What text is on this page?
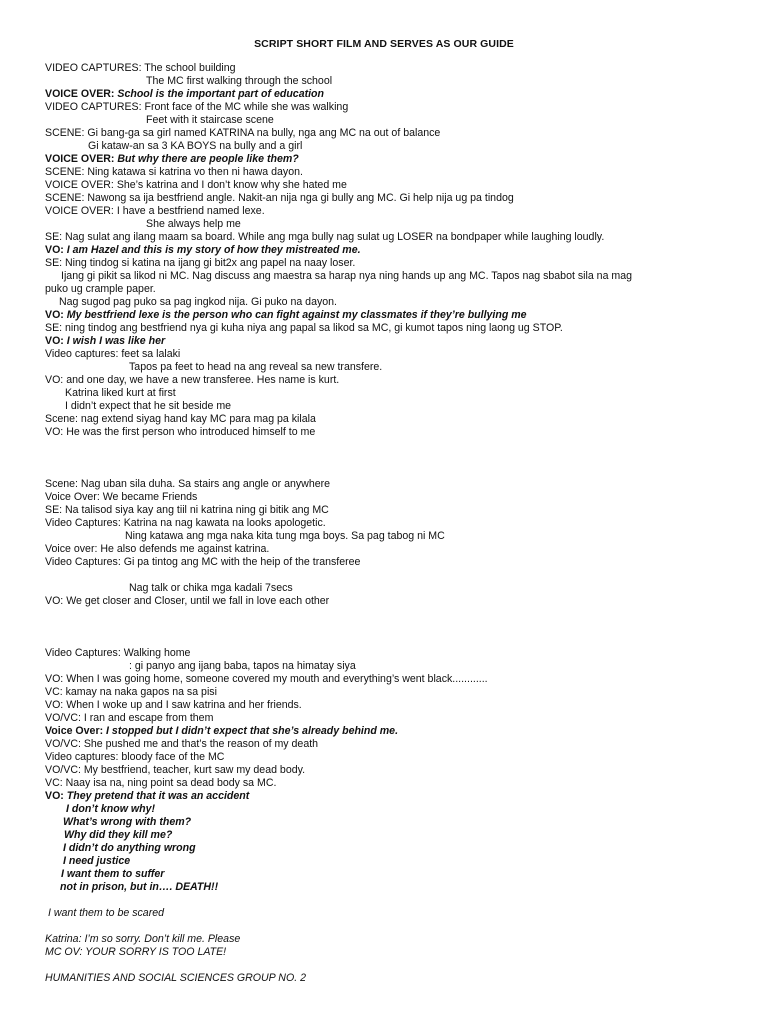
SCRIPT SHORT FILM AND SERVES AS OUR GUIDE
VIDEO CAPTURES: The school building
The MC first walking through the school
VOICE OVER: School is the important part of education
VIDEO CAPTURES: Front face of the MC while she was walking
Feet with it staircase scene
SCENE: Gi bang-ga sa girl named KATRINA na bully, nga ang MC na out of balance
Gi kataw-an sa 3 KA BOYS na bully and a girl
VOICE OVER: But why there are people like them?
SCENE: Ning katawa si katrina vo then ni hawa dayon.
VOICE OVER: She’s katrina and I don’t know why she hated me
SCENE: Nawong sa ija bestfriend angle. Nakit-an nija nga gi bully ang MC. Gi help nija ug pa tindog
VOICE OVER: I have a bestfriend named lexe.
She always help me
SE: Nag sulat ang ilang maam sa board. While ang mga bully nag sulat ug LOSER na bondpaper while laughing loudly.
VO: I am Hazel and this is my story of how they mistreated me.
SE: Ning tindog si katina na ijang gi bit2x ang papel na naay loser.
Ijang gi pikit sa likod ni MC. Nag discuss ang maestra sa harap nya ning hands up ang MC. Tapos nag sbabot sila na mag
puko ug crample paper.
Nag sugod pag puko sa pag ingkod nija. Gi puko na dayon.
VO: My bestfriend lexe is the person who can fight against my classmates if they’re bullying me
SE: ning tindog ang bestfriend nya gi kuha niya ang papal sa likod sa MC, gi kumot tapos ning laong ug STOP.
VO: I wish I was like her
Video captures: feet sa lalaki
Tapos pa feet to head na ang reveal sa new transfere.
VO: and one day, we have a new transferee. Hes name is kurt.
Katrina liked kurt at first
I didn’t expect that he sit beside me
Scene: nag extend siyag hand kay MC para mag pa kilala
VO: He was the first person who introduced himself to me
Scene: Nag uban sila duha. Sa stairs ang angle or anywhere
Voice Over: We became Friends
SE: Na talisod siya kay ang tiil ni katrina ning gi bitik ang MC
Video Captures: Katrina na nag kawata na looks apologetic.
Ning katawa ang mga naka kita tung mga boys. Sa pag tabog ni MC
Voice over: He also defends me against katrina.
Video Captures: Gi pa tintog ang MC with the heip of the transferee
Nag talk or chika mga kadali 7secs
VO: We get closer and Closer, until we fall in love each other
Video Captures: Walking home
: gi panyo ang ijang baba, tapos na himatay siya
VO: When I was going home, someone covered my mouth and everything’s went black............
VC: kamay na naka gapos na sa pisi
VO: When I woke up and I saw katrina and her friends.
VO/VC: I ran and escape from them
Voice Over: I stopped but I didn’t expect that she’s already behind me.
VO/VC: She pushed me and that’s the reason of my death
Video captures: bloody face of the MC
VO/VC: My bestfriend, teacher, kurt saw my dead body.
VC: Naay isa na, ning point sa dead body sa MC.
VO: They pretend that it was an accident
I don’t know why!
What’s wrong with them?
Why did they kill me?
I didn’t do anything wrong
I need justice
I want them to suffer
not in prison, but in…. DEATH!!
I want them to be scared
Katrina: I’m so sorry. Don’t kill me. Please
MC OV: YOUR SORRY IS TOO LATE!
HUMANITIES AND SOCIAL SCIENCES GROUP NO. 2
